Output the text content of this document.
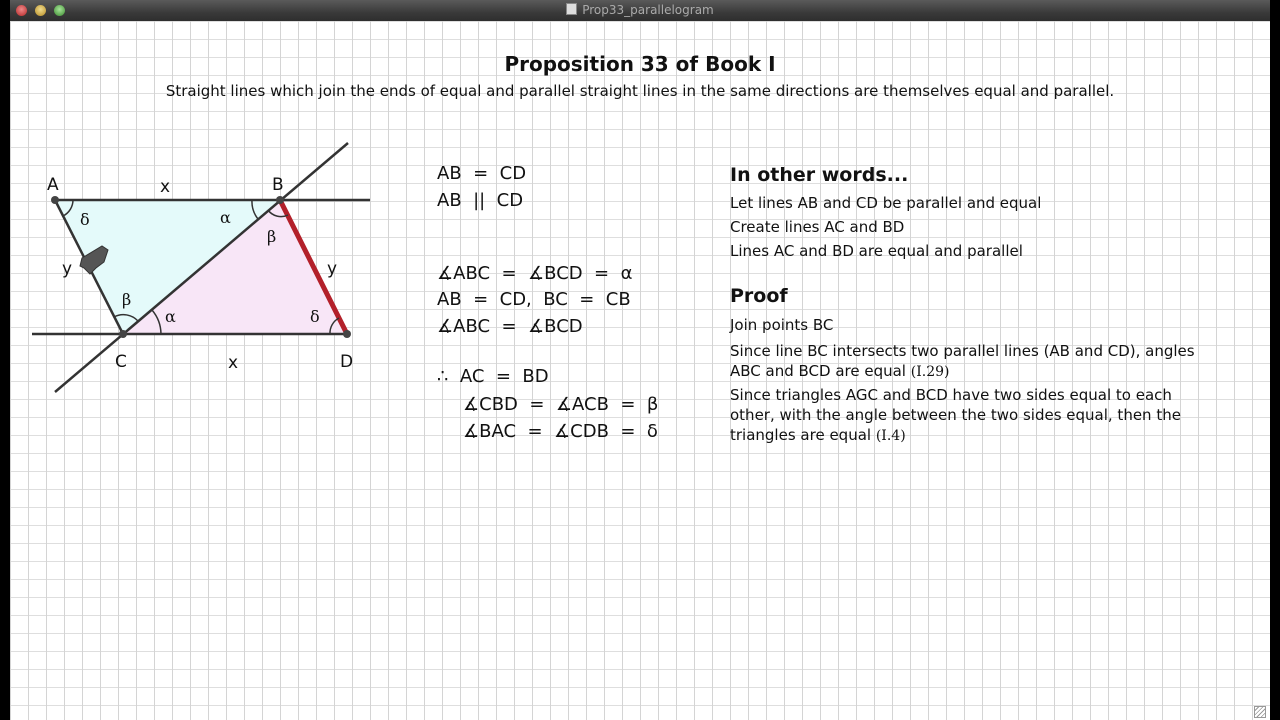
Prop33_parallelogram
Proposition 33 of Book I
Straight lines which join the ends of equal and parallel straight lines in the same directions are themselves equal and parallel.
A	B
C	D
x
x
y	y
δ	α
β
β
α	δ
AB  =  CD
AB  ||  CD
∡ABC  =  ∡BCD  =  α
AB  =  CD,  BC  =  CB
∡ABC  =  ∡BCD
∴  AC  =  BD
∡CBD  =  ∡ACB  =  β
∡BAC  =  ∡CDB  =  δ
In other words...
Let lines AB and CD be parallel and equal
Create lines AC and BD
Lines AC and BD are equal and parallel
Proof
Join points BC
Since line BC intersects two parallel lines (AB and CD), angles ABC and BCD are equal (I.29)
Since triangles AGC and BCD have two sides equal to each other, with the angle between the two sides equal, then the triangles are equal (I.4)
